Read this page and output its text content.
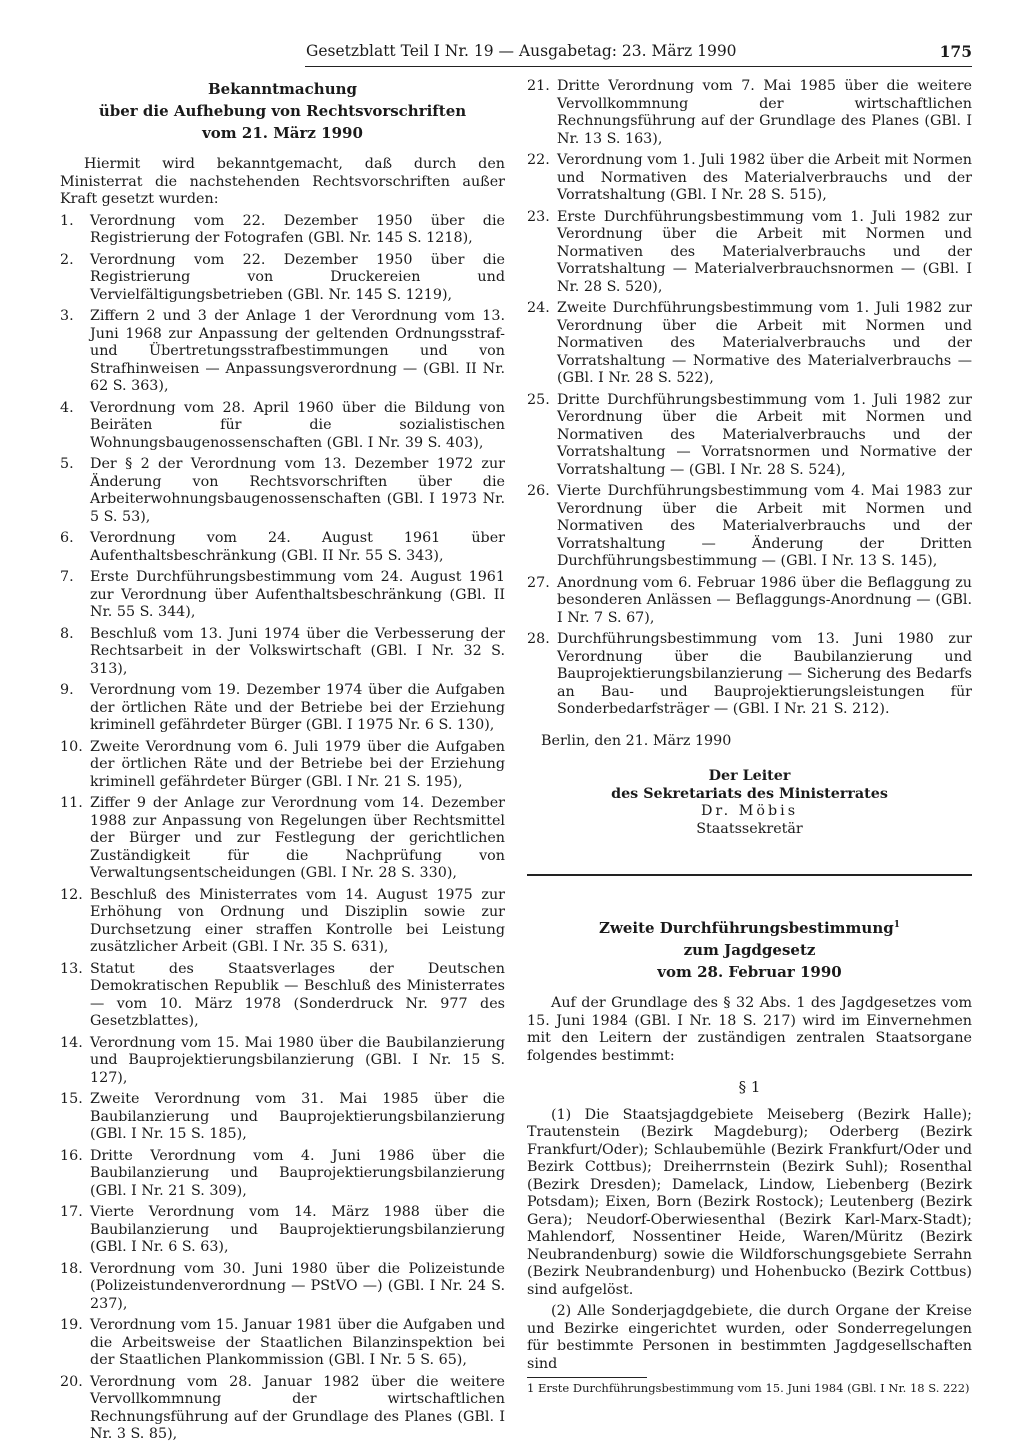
Gesetzblatt Teil I Nr. 19 — Ausgabetag: 23. März 1990	175
Bekanntmachung
über die Aufhebung von Rechtsvorschriften
vom 21. März 1990
Hiermit wird bekanntgemacht, daß durch den Ministerrat die nachstehenden Rechtsvorschriften außer Kraft gesetzt wurden:
1.	Verordnung vom 22. Dezember 1950 über die Registrierung der Fotografen (GBl. Nr. 145 S. 1218),
2.	Verordnung vom 22. Dezember 1950 über die Registrierung von Druckereien und Vervielfältigungsbetrieben (GBl. Nr. 145 S. 1219),
3.	Ziffern 2 und 3 der Anlage 1 der Verordnung vom 13. Juni 1968 zur Anpassung der geltenden Ordnungsstraf- und Übertretungsstrafbestimmungen und von Strafhinweisen — Anpassungsverordnung — (GBl. II Nr. 62 S. 363),
4.	Verordnung vom 28. April 1960 über die Bildung von Beiräten für die sozialistischen Wohnungsbaugenossenschaften (GBl. I Nr. 39 S. 403),
5.	Der § 2 der Verordnung vom 13. Dezember 1972 zur Änderung von Rechtsvorschriften über die Arbeiterwohnungsbaugenossenschaften (GBl. I 1973 Nr. 5 S. 53),
6.	Verordnung vom 24. August 1961 über Aufenthaltsbeschränkung (GBl. II Nr. 55 S. 343),
7.	Erste Durchführungsbestimmung vom 24. August 1961 zur Verordnung über Aufenthaltsbeschränkung (GBl. II Nr. 55 S. 344),
8.	Beschluß vom 13. Juni 1974 über die Verbesserung der Rechtsarbeit in der Volkswirtschaft (GBl. I Nr. 32 S. 313),
9.	Verordnung vom 19. Dezember 1974 über die Aufgaben der örtlichen Räte und der Betriebe bei der Erziehung kriminell gefährdeter Bürger (GBl. I 1975 Nr. 6 S. 130),
10. Zweite Verordnung vom 6. Juli 1979 über die Aufgaben der örtlichen Räte und der Betriebe bei der Erziehung kriminell gefährdeter Bürger (GBl. I Nr. 21 S. 195),
11. Ziffer 9 der Anlage zur Verordnung vom 14. Dezember 1988 zur Anpassung von Regelungen über Rechtsmittel der Bürger und zur Festlegung der gerichtlichen Zuständigkeit für die Nachprüfung von Verwaltungsentscheidungen (GBl. I Nr. 28 S. 330),
12. Beschluß des Ministerrates vom 14. August 1975 zur Erhöhung von Ordnung und Disziplin sowie zur Durchsetzung einer straffen Kontrolle bei Leistung zusätzlicher Arbeit (GBl. I Nr. 35 S. 631),
13. Statut des Staatsverlages der Deutschen Demokratischen Republik — Beschluß des Ministerrates — vom 10. März 1978 (Sonderdruck Nr. 977 des Gesetzblattes),
14. Verordnung vom 15. Mai 1980 über die Baubilanzierung und Bauprojektierungsbilanzierung (GBl. I Nr. 15 S. 127),
15. Zweite Verordnung vom 31. Mai 1985 über die Baubilanzierung und Bauprojektierungsbilanzierung (GBl. I Nr. 15 S. 185),
16. Dritte Verordnung vom 4. Juni 1986 über die Baubilanzierung und Bauprojektierungsbilanzierung (GBl. I Nr. 21 S. 309),
17. Vierte Verordnung vom 14. März 1988 über die Baubilanzierung und Bauprojektierungsbilanzierung (GBl. I Nr. 6 S. 63),
18. Verordnung vom 30. Juni 1980 über die Polizeistunde (Polizeistundenverordnung — PStVO —) (GBl. I Nr. 24 S. 237),
19. Verordnung vom 15. Januar 1981 über die Aufgaben und die Arbeitsweise der Staatlichen Bilanzinspektion bei der Staatlichen Plankommission (GBl. I Nr. 5 S. 65),
20. Verordnung vom 28. Januar 1982 über die weitere Vervollkommnung der wirtschaftlichen Rechnungsführung auf der Grundlage des Planes (GBl. I Nr. 3 S. 85),
21. Dritte Verordnung vom 7. Mai 1985 über die weitere Vervollkommnung der wirtschaftlichen Rechnungsführung auf der Grundlage des Planes (GBl. I Nr. 13 S. 163),
22. Verordnung vom 1. Juli 1982 über die Arbeit mit Normen und Normativen des Materialverbrauchs und der Vorratshaltung (GBl. I Nr. 28 S. 515),
23. Erste Durchführungsbestimmung vom 1. Juli 1982 zur Verordnung über die Arbeit mit Normen und Normativen des Materialverbrauchs und der Vorratshaltung — Materialverbrauchsnormen — (GBl. I Nr. 28 S. 520),
24. Zweite Durchführungsbestimmung vom 1. Juli 1982 zur Verordnung über die Arbeit mit Normen und Normativen des Materialverbrauchs und der Vorratshaltung — Normative des Materialverbrauchs — (GBl. I Nr. 28 S. 522),
25. Dritte Durchführungsbestimmung vom 1. Juli 1982 zur Verordnung über die Arbeit mit Normen und Normativen des Materialverbrauchs und der Vorratshaltung — Vorratsnormen und Normative der Vorratshaltung — (GBl. I Nr. 28 S. 524),
26. Vierte Durchführungsbestimmung vom 4. Mai 1983 zur Verordnung über die Arbeit mit Normen und Normativen des Materialverbrauchs und der Vorratshaltung — Änderung der Dritten Durchführungsbestimmung — (GBl. I Nr. 13 S. 145),
27. Anordnung vom 6. Februar 1986 über die Beflaggung zu besonderen Anlässen — Beflaggungs-Anordnung — (GBl. I Nr. 7 S. 67),
28. Durchführungsbestimmung vom 13. Juni 1980 zur Verordnung über die Baubilanzierung und Bauprojektierungsbilanzierung — Sicherung des Bedarfs an Bau- und Bauprojektierungsleistungen für Sonderbedarfsträger — (GBl. I Nr. 21 S. 212).
Berlin, den 21. März 1990
Der Leiter
des Sekretariats des Ministerrates
Dr. Möbis
Staatssekretär
Zweite Durchführungsbestimmung$^1$
zum Jagdgesetz
vom 28. Februar 1990
Auf der Grundlage des § 32 Abs. 1 des Jagdgesetzes vom 15. Juni 1984 (GBl. I Nr. 18 S. 217) wird im Einvernehmen mit den Leitern der zuständigen zentralen Staatsorgane folgendes bestimmt:
§ 1
(1) Die Staatsjagdgebiete Meiseberg (Bezirk Halle); Trautenstein (Bezirk Magdeburg); Oderberg (Bezirk Frankfurt/Oder); Schlaubemühle (Bezirk Frankfurt/Oder und Bezirk Cottbus); Dreiherrnstein (Bezirk Suhl); Rosenthal (Bezirk Dresden); Damelack, Lindow, Liebenberg (Bezirk Potsdam); Eixen, Born (Bezirk Rostock); Leutenberg (Bezirk Gera); Neudorf-Oberwiesenthal (Bezirk Karl-Marx-Stadt); Mahlendorf, Nossentiner Heide, Waren/Müritz (Bezirk Neubrandenburg) sowie die Wildforschungsgebiete Serrahn (Bezirk Neubrandenburg) und Hohenbucko (Bezirk Cottbus) sind aufgelöst.
(2) Alle Sonderjagdgebiete, die durch Organe der Kreise und Bezirke eingerichtet wurden, oder Sonderregelungen für bestimmte Personen in bestimmten Jagdgesellschaften sind
1 Erste Durchführungsbestimmung vom 15. Juni 1984 (GBl. I Nr. 18 S. 222)
